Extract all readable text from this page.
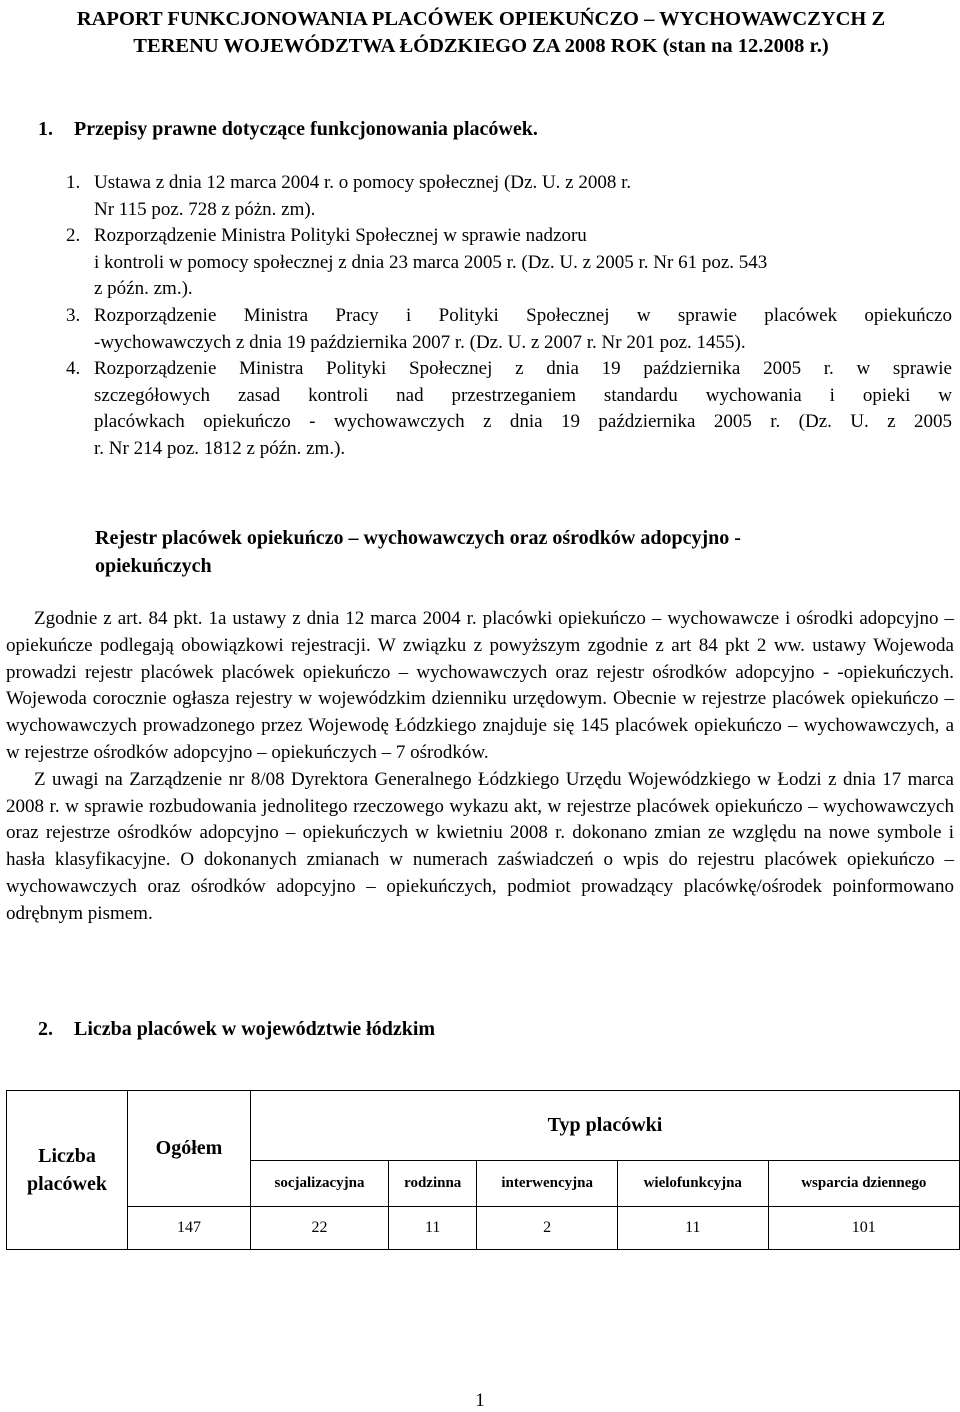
RAPORT FUNKCJONOWANIA PLACÓWEK OPIEKUŃCZO – WYCHOWAWCZYCH Z
TERENU WOJEWÓDZTWA ŁÓDZKIEGO ZA 2008 ROK (stan na 12.2008 r.)
1. Przepisy prawne dotyczące funkcjonowania placówek.
1. Ustawa z dnia 12 marca 2004 r. o pomocy społecznej (Dz. U. z 2008 r.
Nr 115 poz. 728 z póżn. zm).
2. Rozporządzenie Ministra Polityki Społecznej w sprawie nadzoru
i kontroli w pomocy społecznej z dnia 23 marca 2005 r. (Dz. U. z 2005 r. Nr 61 poz. 543
z późn. zm.).
3. Rozporządzenie Ministra Pracy i Polityki Społecznej w sprawie placówek opiekuńczo
-wychowawczych z dnia 19 października 2007 r. (Dz. U. z 2007 r. Nr 201 poz. 1455).
4. Rozporządzenie Ministra Polityki Społecznej z dnia 19 października 2005 r. w sprawie
szczegółowych zasad kontroli nad przestrzeganiem standardu wychowania i opieki w
placówkach opiekuńczo - wychowawczych z dnia 19 października 2005 r. (Dz. U. z 2005
r. Nr 214 poz. 1812 z późn. zm.).
Rejestr placówek opiekuńczo – wychowawczych oraz ośrodków adopcyjno -
opiekuńczych

Zgodnie z art. 84 pkt. 1a ustawy z dnia 12 marca 2004 r. placówki opiekuńczo – wychowawcze i ośrodki adopcyjno – opiekuńcze podlegają obowiązkowi rejestracji. W związku z powyższym zgodnie z art 84 pkt 2 ww. ustawy Wojewoda prowadzi rejestr placówek placówek opiekuńczo – wychowawczych oraz rejestr ośrodków adopcyjno - -opiekuńczych. Wojewoda corocznie ogłasza rejestry w wojewódzkim dzienniku urzędowym. Obecnie w rejestrze placówek opiekuńczo – wychowawczych prowadzonego przez Wojewodę Łódzkiego znajduje się 145 placówek opiekuńczo – wychowawczych, a w rejestrze ośrodków adopcyjno – opiekuńczych – 7 ośrodków.

Z uwagi na Zarządzenie nr 8/08 Dyrektora Generalnego Łódzkiego Urzędu Wojewódzkiego w Łodzi z dnia 17 marca 2008 r. w sprawie rozbudowania jednolitego rzeczowego wykazu akt, w rejestrze placówek opiekuńczo – wychowawczych oraz rejestrze ośrodków adopcyjno – opiekuńczych w kwietniu 2008 r. dokonano zmian ze względu na nowe symbole i hasła klasyfikacyjne. O dokonanych zmianach w numerach zaświadczeń o wpis do rejestru placówek opiekuńczo – wychowawczych oraz ośrodków adopcyjno – opiekuńczych, podmiot prowadzący placówkę/ośrodek poinformowano odrębnym pismem.

2. Liczba placówek w województwie łódzkim
Liczba
placówek	Ogółem	Typ placówki				
		socjalizacyjna	rodzinna	interwencyjna	wielofunkcyjna	wsparcia dziennego
	147	22	11	2	11	101
1
